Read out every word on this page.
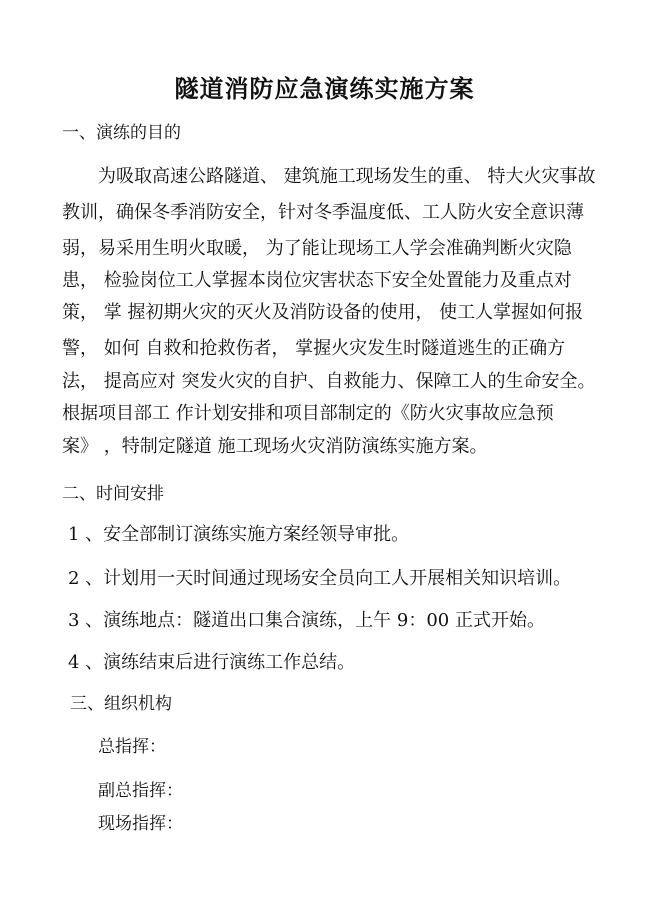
隧道消防应急演练实施方案
一、演练的目的
为吸取高速公路隧道、 建筑施工现场发生的重、 特大火灾事故
教训，确保冬季消防安全，针对冬季温度低、工人防火安全意识薄
弱，易采用生明火取暖， 为了能让现场工人学会准确判断火灾隐
患， 检验岗位工人掌握本岗位灾害状态下安全处置能力及重点对
策， 掌 握初期火灾的灭火及消防设备的使用， 使工人掌握如何报
警， 如何 自救和抢救伤者， 掌握火灾发生时隧道逃生的正确方
法， 提高应对 突发火灾的自护、自救能力、保障工人的生命安全。
根据项目部工 作计划安排和项目部制定的《防火灾事故应急预
案》 ，特制定隧道 施工现场火灾消防演练实施方案。
二、时间安排
1 、安全部制订演练实施方案经领导审批。
2 、计划用一天时间通过现场安全员向工人开展相关知识培训。
3 、演练地点：隧道出口集合演练，上午 9：00 正式开始。
4 、演练结束后进行演练工作总结。
三、组织机构
总指挥：
副总指挥：
现场指挥：
